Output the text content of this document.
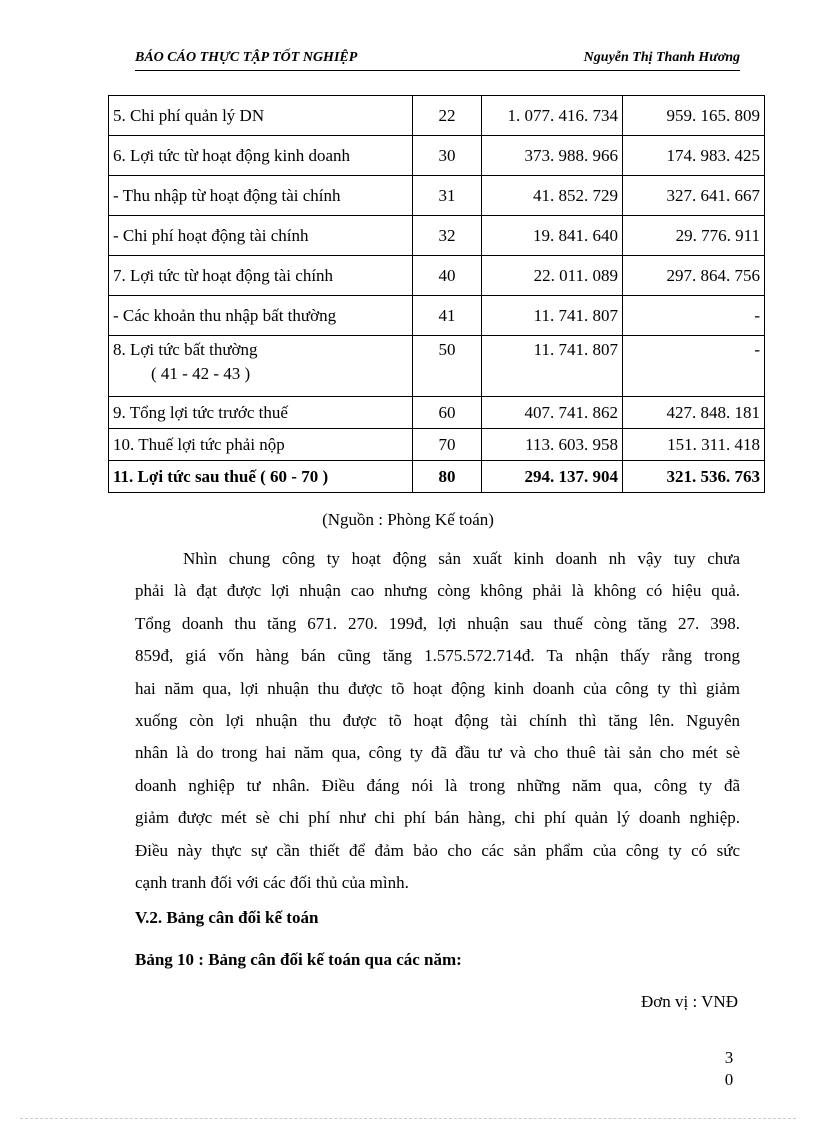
BÁO CÁO THỰC TẬP TỐT NGHIỆP	Nguyễn Thị Thanh Hương
5. Chi phí quản lý DN	22	1. 077. 416. 734	959. 165. 809
6. Lợi tức từ hoạt động kinh doanh	30	373. 988. 966	174. 983. 425
- Thu nhập từ hoạt động tài chính	31	41. 852. 729	327. 641. 667
- Chi phí hoạt động tài chính	32	19. 841. 640	29. 776. 911
7. Lợi tức từ hoạt động tài chính	40	22. 011. 089	297. 864. 756
- Các khoản thu nhập bất thường	41	11. 741. 807	-
8. Lợi tức bất thường
( 41 - 42 - 43 )	50	11. 741. 807	-
9. Tổng lợi tức trước thuế	60	407. 741. 862	427. 848. 181
10. Thuế lợi tức phải nộp	70	113. 603. 958	151. 311. 418
11. Lợi tức sau thuế ( 60 - 70 )	80	294. 137. 904	321. 536. 763
(Nguồn : Phòng Kế toán)
Nhìn chung công ty hoạt động sản xuất kinh doanh nh vậy tuy chưa
phải là đạt được lợi nhuận cao nhưng còng không phải là không có hiệu quả.
Tổng doanh thu tăng 671. 270. 199đ, lợi nhuận sau thuế còng tăng 27. 398.
859đ, giá vốn hàng bán cũng tăng 1.575.572.714đ. Ta nhận thấy rằng trong
hai năm qua, lợi nhuận thu được tõ hoạt động kinh doanh của công ty thì giảm
xuống còn lợi nhuận thu được tõ hoạt động tài chính thì tăng lên. Nguyên
nhân là do trong hai năm qua, công ty đã đầu tư và cho thuê tài sản cho mét sè
doanh nghiệp tư nhân. Điều đáng nói là trong những năm qua, công ty đã
giảm được mét sè chi phí như chi phí bán hàng, chi phí quản lý doanh nghiệp.
Điều này thực sự cần thiết để đảm bảo cho các sản phẩm của công ty có sức
cạnh tranh đối với các đối thủ của mình.
V.2. Bảng cân đối kế toán
Bảng 10 : Bảng cân đối kế toán qua các năm:
Đơn vị : VNĐ
3
0
